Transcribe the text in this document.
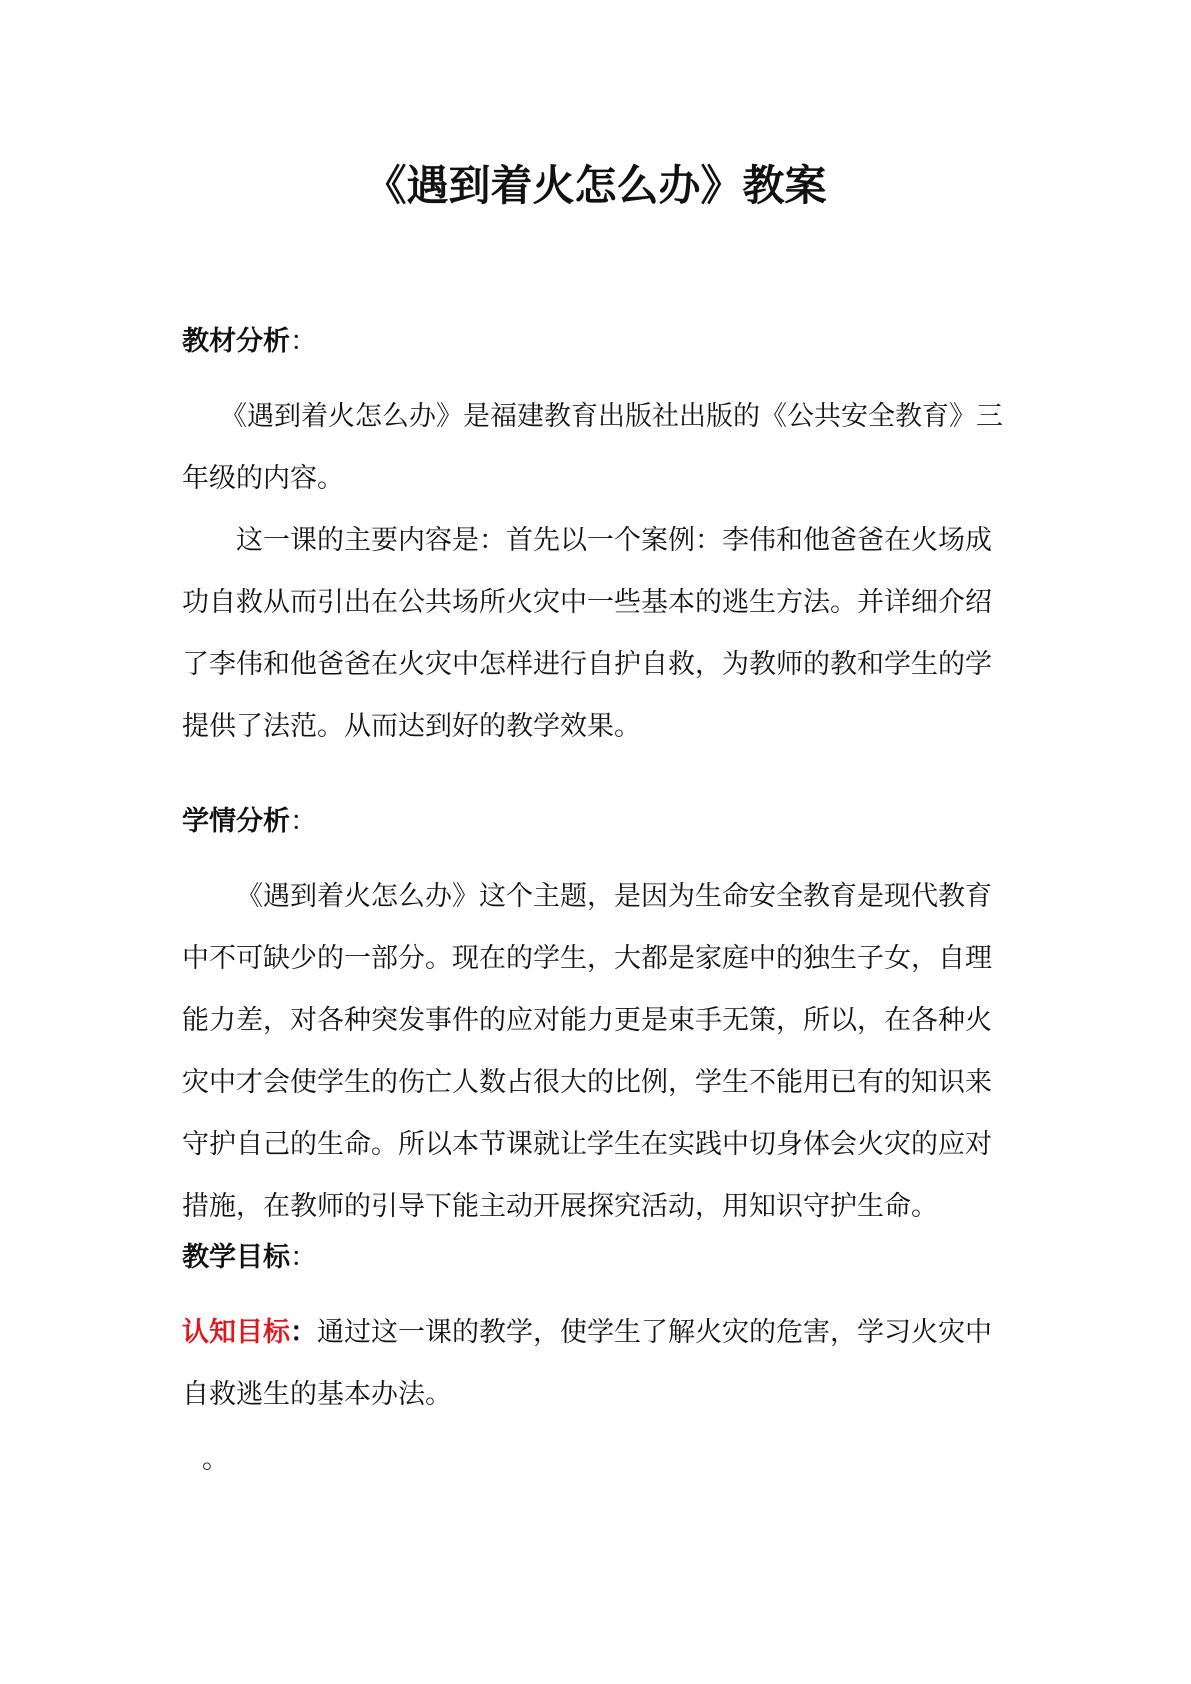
《遇到着火怎么办》教案
教材分析：

《遇到着火怎么办》是福建教育出版社出版的《公共安全教育》三年级的内容。

这一课的主要内容是：首先以一个案例：李伟和他爸爸在火场成功自救从而引出在公共场所火灾中一些基本的逃生方法。并详细介绍了李伟和他爸爸在火灾中怎样进行自护自救，为教师的教和学生的学提供了法范。从而达到好的教学效果。

学情分析：

《遇到着火怎么办》这个主题，是因为生命安全教育是现代教育中不可缺少的一部分。现在的学生，大都是家庭中的独生子女，自理能力差，对各种突发事件的应对能力更是束手无策，所以，在各种火灾中才会使学生的伤亡人数占很大的比例，学生不能用已有的知识来守护自己的生命。所以本节课就让学生在实践中切身体会火灾的应对措施，在教师的引导下能主动开展探究活动，用知识守护生命。

教学目标：

认知目标：通过这一课的教学，使学生了解火灾的危害，学习火灾中自救逃生的基本办法。

。
